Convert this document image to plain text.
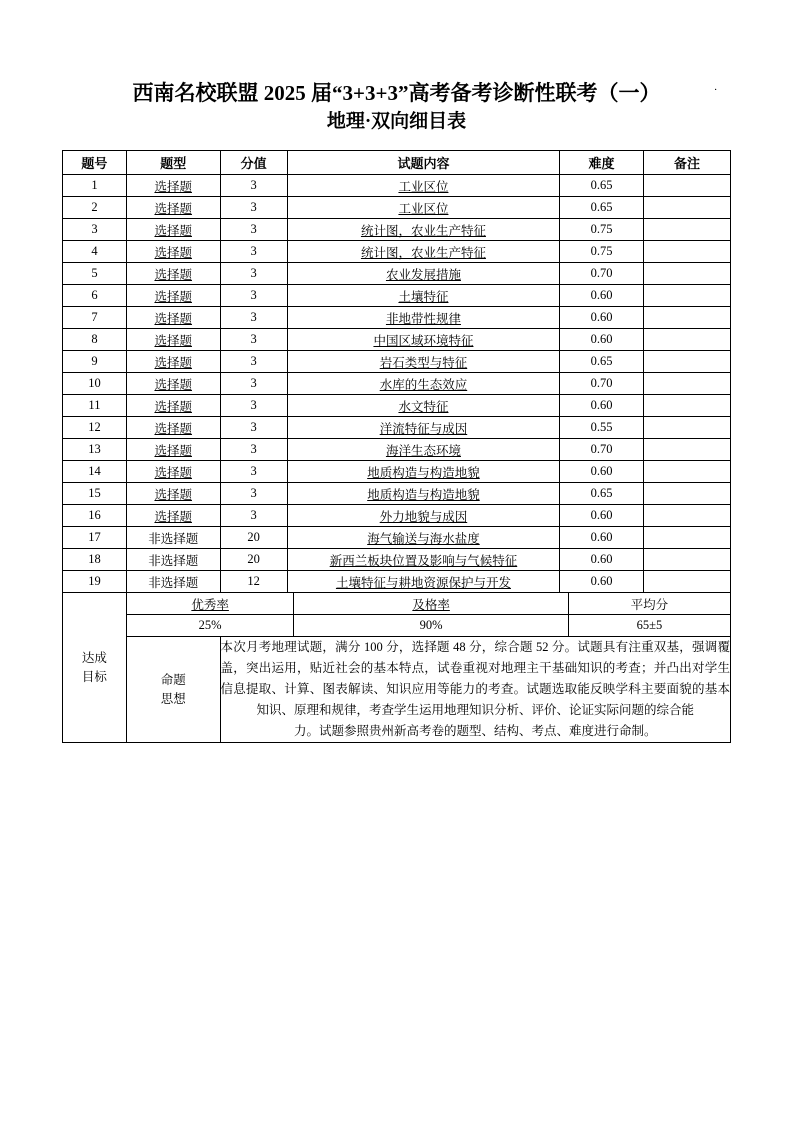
.
西南名校联盟 2025 届“3+3+3”高考备考诊断性联考（一）
地理·双向细目表
题号	题型	分值	试题内容	难度	备注
1	选择题	3	工业区位	0.65	
2	选择题	3	工业区位	0.65	
3	选择题	3	统计图，农业生产特征	0.75	
4	选择题	3	统计图，农业生产特征	0.75	
5	选择题	3	农业发展措施	0.70	
6	选择题	3	土壤特征	0.60	
7	选择题	3	非地带性规律	0.60	
8	选择题	3	中国区域环境特征	0.60	
9	选择题	3	岩石类型与特征	0.65	
10	选择题	3	水库的生态效应	0.70	
11	选择题	3	水文特征	0.60	
12	选择题	3	洋流特征与成因	0.55	
13	选择题	3	海洋生态环境	0.70	
14	选择题	3	地质构造与构造地貌	0.60	
15	选择题	3	地质构造与构造地貌	0.65	
16	选择题	3	外力地貌与成因	0.60	
17	非选择题	20	海气输送与海水盐度	0.60	
18	非选择题	20	新西兰板块位置及影响与气候特征	0.60	
19	非选择题	12	土壤特征与耕地资源保护与开发	0.60	

达成
目标

优秀率	及格率	平均分
25%	90%	65±5

命题
思想

本次月考地理试题，满分 100 分，选择题 48 分，综合题 52 分。试题具有注重双基，强调覆盖，突出运用，贴近社会的基本特点，试卷重视对地理主干基础知识的考查；并凸出对学生信息提取、计算、图表解读、知识应用等能力的考查。试题选取能反映学科主要面貌的基本知识、原理和规律，考查学生运用地理知识分析、评价、论证实际问题的综合能

力。试题参照贵州新高考卷的题型、结构、考点、难度进行命制。
